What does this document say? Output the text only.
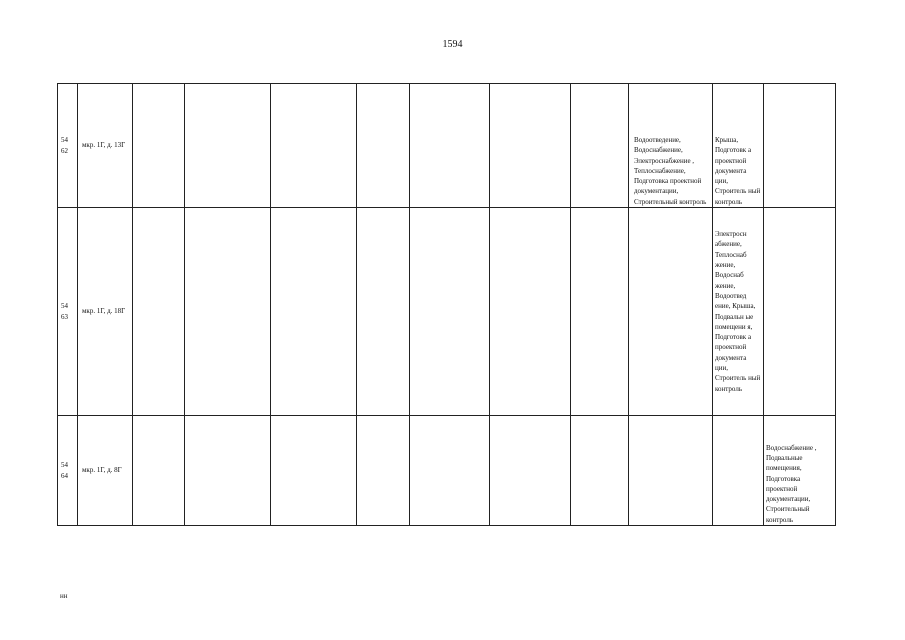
1594
54 62	мкр. 1Г, д. 13Г								Водоотведение, Водоснабжение, Электроснабжение , Теплоснабжение, Подготовка проектной документации, Строительный контроль	Крыша, Подготовк а проектной документа ции, Строитель ный контроль	

54 63	мкр. 1Г, д. 18Г									Электросн абжение, Теплоснаб жение, Водоснаб жение, Водоотвед ение, Крыша, Подвальн ые помещени я, Подготовк а проектной документа ции, Строитель ный контроль	

54 64	мкр. 1Г, д. 8Г										Водоснабжение , Подвальные помещения, Подготовка проектной документации, Строительный контроль
нн
